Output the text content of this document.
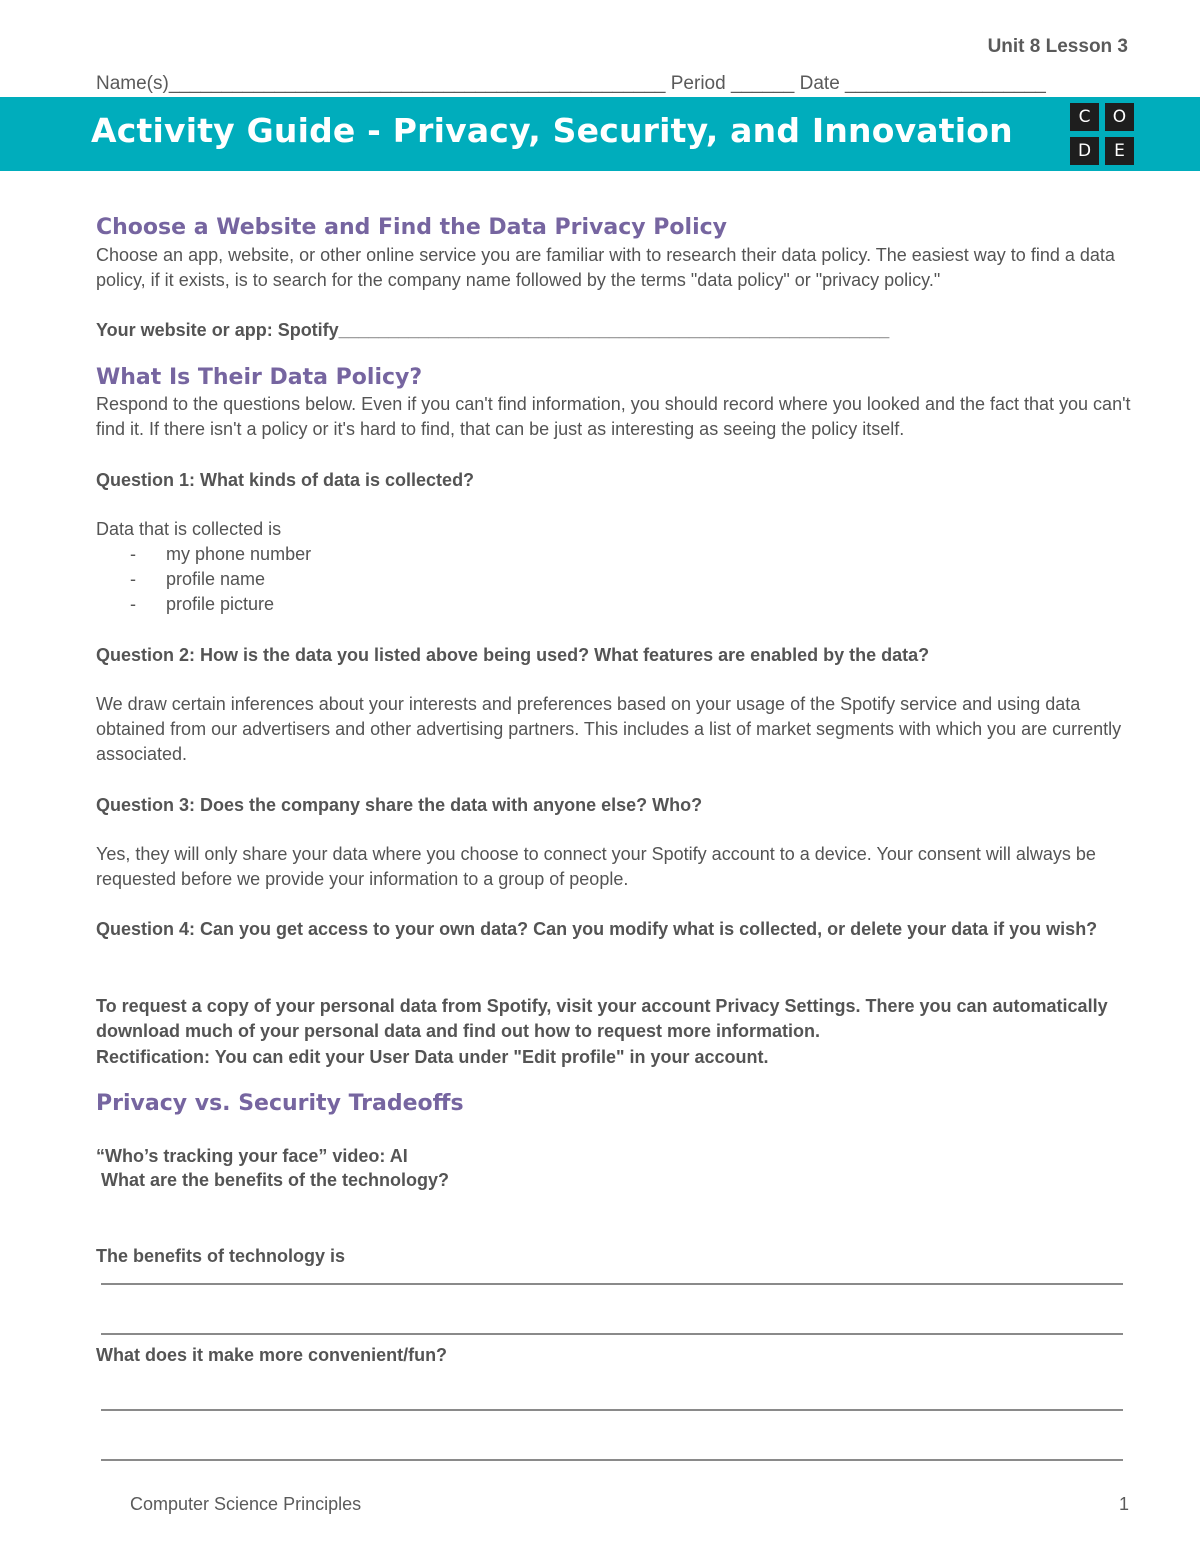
Unit 8 Lesson 3
Name(s)_______________________________________________ Period ______ Date ___________________
Activity Guide - Privacy, Security, and Innovation	C	O
D	E
Choose a Website and Find the Data Privacy Policy
Choose an app, website, or other online service you are familiar with to research their data policy. The easiest way to find a data policy, if it exists, is to search for the company name followed by the terms "data policy" or "privacy policy."
Your website or app: Spotify_______________________________________________________
What Is Their Data Policy?
Respond to the questions below. Even if you can't find information, you should record where you looked and the fact that you can't find it. If there isn't a policy or it's hard to find, that can be just as interesting as seeing the policy itself.
Question 1: What kinds of data is collected?
Data that is collected is
- my phone number
- profile name
- profile picture
Question 2: How is the data you listed above being used? What features are enabled by the data?
We draw certain inferences about your interests and preferences based on your usage of the Spotify service and using data obtained from our advertisers and other advertising partners. This includes a list of market segments with which you are currently associated.
Question 3: Does the company share the data with anyone else? Who?
Yes, they will only share your data where you choose to connect your Spotify account to a device. Your consent will always be requested before we provide your information to a group of people.
Question 4: Can you get access to your own data? Can you modify what is collected, or delete your data if you wish?
To request a copy of your personal data from Spotify, visit your account Privacy Settings. There you can automatically download much of your personal data and find out how to request more information.
Rectification: You can edit your User Data under "Edit profile" in your account.
Privacy vs. Security Tradeoffs
“Who’s tracking your face” video: AI
What are the benefits of the technology?
The benefits of technology is
What does it make more convenient/fun?
Computer Science Principles	1
